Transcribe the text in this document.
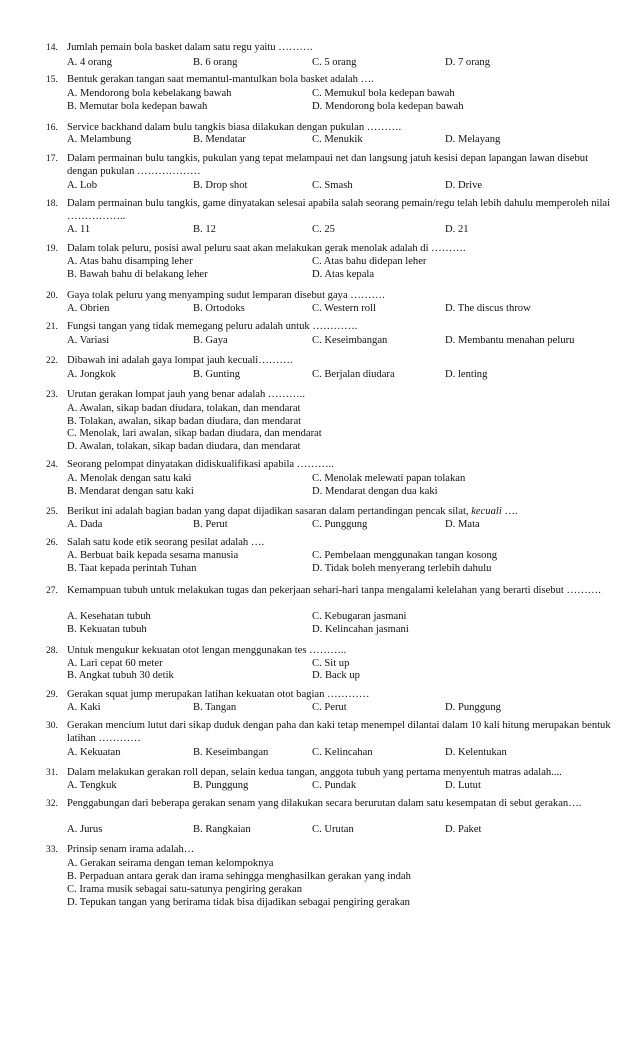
14. Jumlah pemain bola basket dalam satu regu yaitu ……….
A. 4 orang	B. 6 orang	C. 5 orang	D. 7 orang
15. Bentuk gerakan tangan saat memantul-mantulkan bola basket adalah ….
A. Mendorong bola kebelakang bawah	C. Memukul bola kedepan bawah
B. Memutar bola kedepan bawah	D. Mendorong bola kedepan bawah
16. Service backhand dalam bulu tangkis biasa dilakukan dengan pukulan ……….
A. Melambung	B. Mendatar	C. Menukik	D. Melayang
17. Dalam permainan bulu tangkis, pukulan yang tepat melampaui net dan langsung jatuh kesisi depan lapangan lawan disebut dengan pukulan ………………
A. Lob	B. Drop shot	C. Smash	D. Drive
18. Dalam permainan bulu tangkis, game dinyatakan selesai apabila salah seorang pemain/regu telah lebih dahulu memperoleh nilai ……………..
A. 11	B. 12	C. 25	D. 21
19. Dalam tolak peluru, posisi awal peluru saat akan melakukan gerak menolak adalah di ……….
A. Atas bahu disamping leher	C. Atas bahu didepan leher
B. Bawah bahu di belakang leher	D. Atas kepala
20. Gaya tolak peluru yang menyamping sudut lemparan disebut gaya ……….
A. Obrien	B. Ortodoks	C. Western roll	D. The discus throw
21. Fungsi tangan yang tidak memegang peluru adalah untuk ………….
A. Variasi	B. Gaya	C. Keseimbangan	D. Membantu menahan peluru
22. Dibawah ini adalah gaya lompat jauh kecuali……….
A. Jongkok	B. Gunting	C. Berjalan diudara	D. lenting
23. Urutan gerakan lompat jauh yang benar adalah ………..
A. Awalan, sikap badan diudara, tolakan, dan mendarat
B. Tolakan, awalan, sikap badan diudara, dan mendarat
C. Menolak, lari awalan, sikap badan diudara, dan mendarat
D. Awalan, tolakan, sikap badan diudara, dan mendarat
24. Seorang pelompat dinyatakan didiskualifikasi apabila ………..
A. Menolak dengan satu kaki	C. Menolak melewati papan tolakan
B. Mendarat dengan satu kaki	D. Mendarat dengan dua kaki
25. Berikut ini adalah bagian badan yang dapat dijadikan sasaran dalam pertandingan pencak silat, kecuali ….
A. Dada	B. Perut	C. Punggung	D. Mata
26. Salah satu kode etik seorang pesilat adalah ….
A. Berbuat baik kepada sesama manusia	C. Pembelaan menggunakan tangan kosong
B. Taat kepada perintah Tuhan	D. Tidak boleh menyerang terlebih dahulu
27. Kemampuan tubuh untuk melakukan tugas dan pekerjaan sehari-hari tanpa mengalami kelelahan yang berarti disebut ……….
A. Kesehatan tubuh	C. Kebugaran jasmani
B. Kekuatan tubuh	D. Kelincahan jasmani
28. Untuk mengukur kekuatan otot lengan menggunakan tes ………..
A. Lari cepat 60 meter	C. Sit up
B. Angkat tubuh 30 detik	D. Back up
29. Gerakan squat jump merupakan latihan kekuatan otot bagian …………
A. Kaki	B. Tangan	C. Perut	D. Punggung
30. Gerakan mencium lutut dari sikap duduk dengan paha dan kaki tetap menempel dilantai dalam 10 kali hitung merupakan bentuk latihan …………
A. Kekuatan	B. Keseimbangan	C. Kelincahan	D. Kelentukan
31. Dalam melakukan gerakan roll depan, selain kedua tangan, anggota tubuh yang pertama menyentuh matras adalah....
A. Tengkuk	B. Punggung	C. Pundak	D. Lutut
32. Penggabungan dari beberapa gerakan senam yang dilakukan secara berurutan dalam satu kesempatan di sebut gerakan….
A. Jurus	B. Rangkaian	C. Urutan	D. Paket
33. Prinsip senam irama adalah…
A. Gerakan seirama dengan teman kelompoknya
B. Perpaduan antara gerak dan irama sehingga menghasilkan gerakan yang indah
C. Irama musik sebagai satu-satunya pengiring gerakan
D. Tepukan tangan yang berirama tidak bisa dijadikan sebagai pengiring gerakan
